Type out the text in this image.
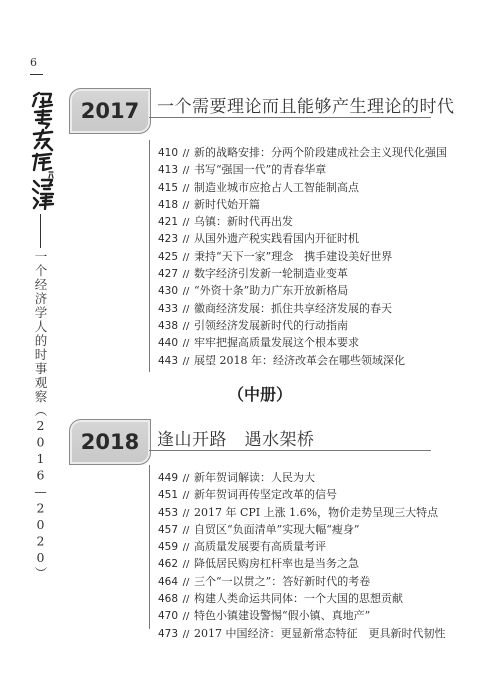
6
一个经济学人的时事观察（2016—2020）
2017	一个需要理论而且能够产生理论的时代
410 // 新的战略安排：分两个阶段建成社会主义现代化强国
413 // 书写“强国一代”的青春华章
415 // 制造业城市应抢占人工智能制高点
418 // 新时代始开篇
421 // 乌镇：新时代再出发
423 // 从国外遗产税实践看国内开征时机
425 // 秉持“天下一家”理念　携手建设美好世界
427 // 数字经济引发新一轮制造业变革
430 // “外资十条”助力广东开放新格局
433 // 徽商经济发展：抓住共享经济发展的春天
438 // 引领经济发展新时代的行动指南
440 // 牢牢把握高质量发展这个根本要求
443 // 展望 2018 年：经济改革会在哪些领域深化
（中册）
2018	逢山开路　遇水架桥
449 // 新年贺词解读：人民为大
451 // 新年贺词再传坚定改革的信号
453 // 2017 年 CPI 上涨 1.6%，物价走势呈现三大特点
457 // 自贸区“负面清单”实现大幅“瘦身”
459 // 高质量发展要有高质量考评
462 // 降低居民购房杠杆率也是当务之急
464 // 三个“一以贯之”：答好新时代的考卷
468 // 构建人类命运共同体：一个大国的思想贡献
470 // 特色小镇建设警惕“假小镇、真地产”
473 // 2017 中国经济：更显新常态特征　更具新时代韧性
